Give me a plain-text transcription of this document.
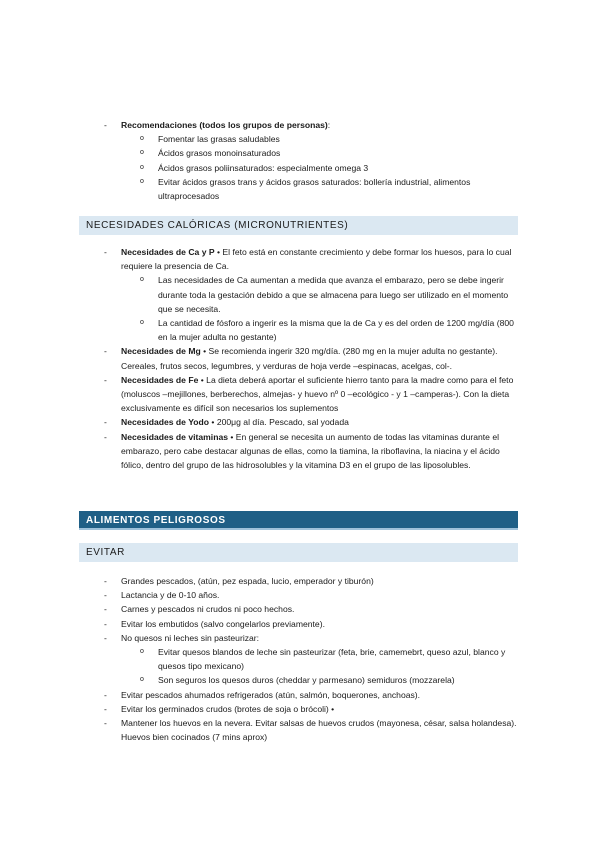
- Recomendaciones (todos los grupos de personas):
o Fomentar las grasas saludables
o Ácidos grasos monoinsaturados
o Ácidos grasos poliinsaturados: especialmente omega 3
o Evitar ácidos grasos trans y ácidos grasos saturados: bollería industrial, alimentos ultraprocesados
NECESIDADES CALÓRICAS (MICRONUTRIENTES)
- Necesidades de Ca y P • El feto está en constante crecimiento y debe formar los huesos, para lo cual requiere la presencia de Ca.
o Las necesidades de Ca aumentan a medida que avanza el embarazo, pero se debe ingerir durante toda la gestación debido a que se almacena para luego ser utilizado en el momento que se necesita.
o La cantidad de fósforo a ingerir es la misma que la de Ca y es del orden de 1200 mg/día (800 en la mujer adulta no gestante)
- Necesidades de Mg • Se recomienda ingerir 320 mg/día. (280 mg en la mujer adulta no gestante). Cereales, frutos secos, legumbres, y verduras de hoja verde –espinacas, acelgas, col-.
- Necesidades de Fe • La dieta deberá aportar el suficiente hierro tanto para la madre como para el feto (moluscos –mejillones, berberechos, almejas- y huevo nº 0 –ecológico - y 1 –camperas-). Con la dieta exclusivamente es difícil son necesarios los suplementos
- Necesidades de Yodo • 200μg al día. Pescado, sal yodada
- Necesidades de vitaminas • En general se necesita un aumento de todas las vitaminas durante el embarazo, pero cabe destacar algunas de ellas, como la tiamina, la riboflavina, la niacina y el ácido fólico, dentro del grupo de las hidrosolubles y la vitamina D3 en el grupo de las liposolubles.
ALIMENTOS PELIGROSOS
EVITAR
- Grandes pescados, (atún, pez espada, lucio, emperador y tiburón)
- Lactancia y de 0-10 años.
- Carnes y pescados ni crudos ni poco hechos.
- Evitar los embutidos (salvo congelarlos previamente).
- No quesos ni leches sin pasteurizar:
o Evitar quesos blandos de leche sin pasteurizar (feta, brie, camemebrt, queso azul, blanco y quesos tipo mexicano)
o Son seguros los quesos duros (cheddar y parmesano) semiduros (mozzarela)
- Evitar pescados ahumados refrigerados (atún, salmón, boquerones, anchoas).
- Evitar los germinados crudos (brotes de soja o brócoli) •
- Mantener los huevos en la nevera. Evitar salsas de huevos crudos (mayonesa, césar, salsa holandesa). Huevos bien cocinados (7 mins aprox)
